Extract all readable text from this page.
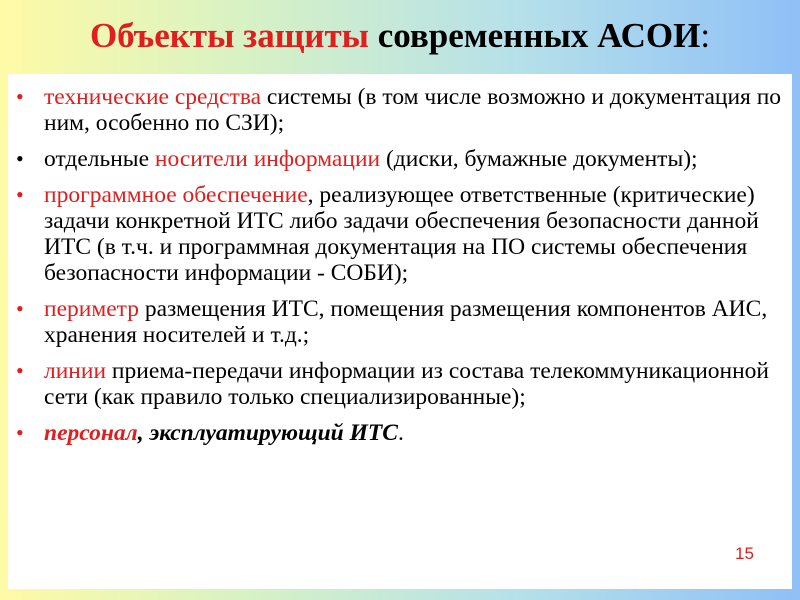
Объекты защиты современных АСОИ:
• технические средства системы (в том числе возможно и документация по ним, особенно по СЗИ);
• отдельные носители информации (диски, бумажные документы);
• программное обеспечение, реализующее ответственные (критические) задачи конкретной ИТС либо задачи обеспечения безопасности данной ИТС (в т.ч. и программная документация на ПО системы обеспечения безопасности информации - СОБИ);
• периметр размещения ИТС, помещения размещения компонентов АИС, хранения носителей и т.д.;
• линии приема-передачи информации из состава телекоммуникационной сети (как правило только специализированные);
• персонал, эксплуатирующий ИТС.
15
